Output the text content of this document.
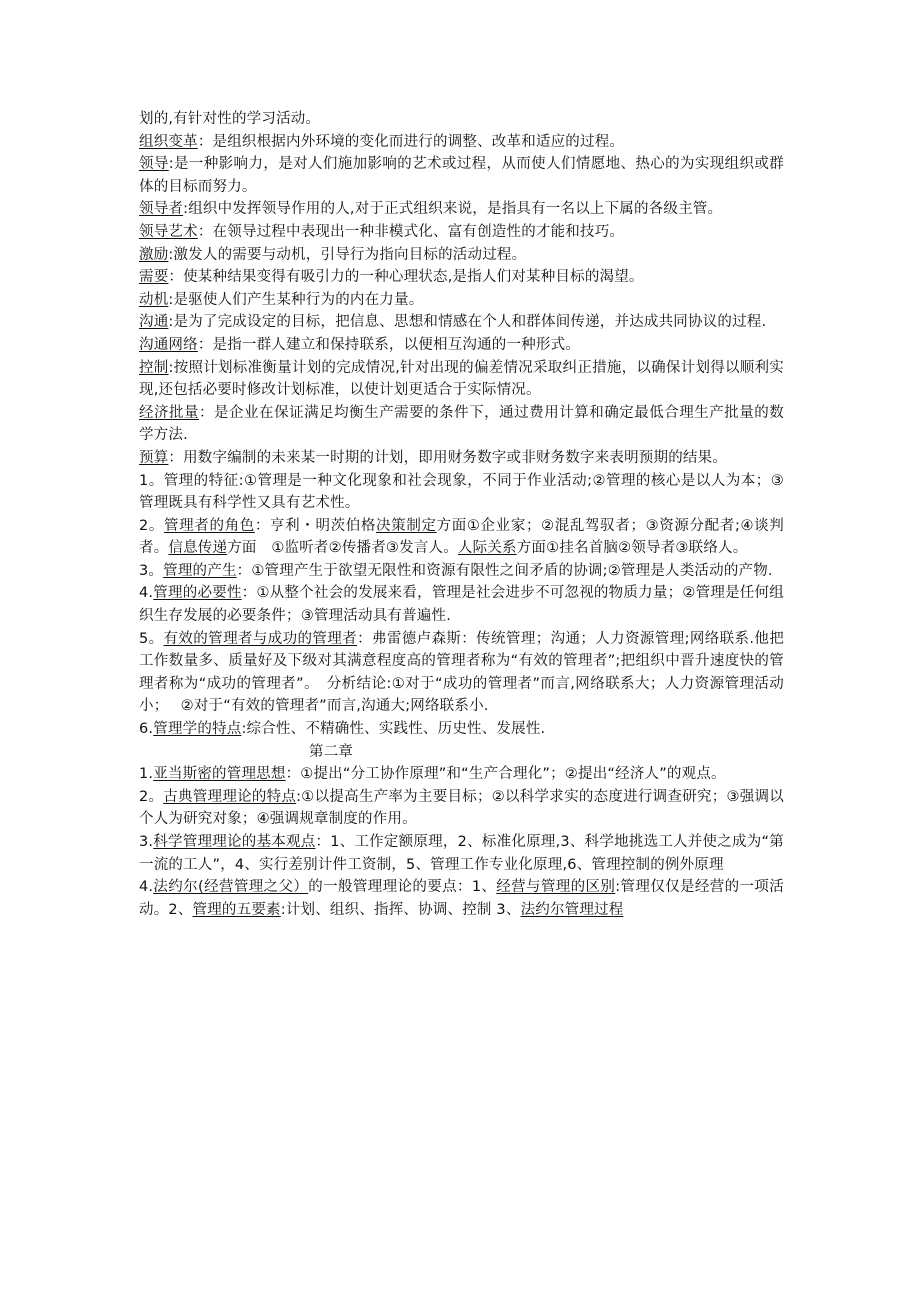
划的,有针对性的学习活动。

组织变革：是组织根据内外环境的变化而进行的调整、改革和适应的过程。

领导:是一种影响力，是对人们施加影响的艺术或过程，从而使人们情愿地、热心的为实现组织或群体的目标而努力。

领导者:组织中发挥领导作用的人,对于正式组织来说，是指具有一名以上下属的各级主管。

领导艺术：在领导过程中表现出一种非模式化、富有创造性的才能和技巧。

激励:激发人的需要与动机，引导行为指向目标的活动过程。

需要：使某种结果变得有吸引力的一种心理状态,是指人们对某种目标的渴望。

动机:是驱使人们产生某种行为的内在力量。

沟通:是为了完成设定的目标，把信息、思想和情感在个人和群体间传递，并达成共同协议的过程.

沟通网络：是指一群人建立和保持联系，以便相互沟通的一种形式。

控制:按照计划标准衡量计划的完成情况,针对出现的偏差情况采取纠正措施，以确保计划得以顺利实现,还包括必要时修改计划标准，以使计划更适合于实际情况。

经济批量：是企业在保证满足均衡生产需要的条件下，通过费用计算和确定最低合理生产批量的数学方法.

预算：用数字编制的未来某一时期的计划，即用财务数字或非财务数字来表明预期的结果。

1。管理的特征:①管理是一种文化现象和社会现象，不同于作业活动;②管理的核心是以人为本；③管理既具有科学性又具有艺术性。

2。管理者的角色：亨利・明茨伯格决策制定方面①企业家；②混乱驾驭者；③资源分配者;④谈判者。信息传递方面　①监听者②传播者③发言人。人际关系方面①挂名首脑②领导者③联络人。

3。管理的产生：①管理产生于欲望无限性和资源有限性之间矛盾的协调;②管理是人类活动的产物.

4.管理的必要性：①从整个社会的发展来看，管理是社会进步不可忽视的物质力量；②管理是任何组织生存发展的必要条件；③管理活动具有普遍性.

5。有效的管理者与成功的管理者：弗雷德卢森斯：传统管理；沟通；人力资源管理;网络联系.他把工作数量多、质量好及下级对其满意程度高的管理者称为“有效的管理者”;把组织中晋升速度快的管理者称为“成功的管理者”。　分析结论:①对于“成功的管理者”而言,网络联系大；人力资源管理活动小；　 ②对于“有效的管理者”而言,沟通大;网络联系小.

6.管理学的特点:综合性、不精确性、实践性、历史性、发展性.

第二章

1.亚当斯密的管理思想：①提出“分工协作原理”和“生产合理化”；②提出“经济人”的观点。

2。古典管理理论的特点:①以提高生产率为主要目标；②以科学求实的态度进行调查研究；③强调以个人为研究对象；④强调规章制度的作用。

3.科学管理理论的基本观点：1、工作定额原理，2、标准化原理,3、科学地挑选工人并使之成为“第一流的工人”，4、实行差别计件工资制，5、管理工作专业化原理,6、管理控制的例外原理

4.法约尔(经营管理之父）的一般管理理论的要点：1、经营与管理的区别:管理仅仅是经营的一项活动。2、管理的五要素:计划、组织、指挥、协调、控制 3、法约尔管理过程
